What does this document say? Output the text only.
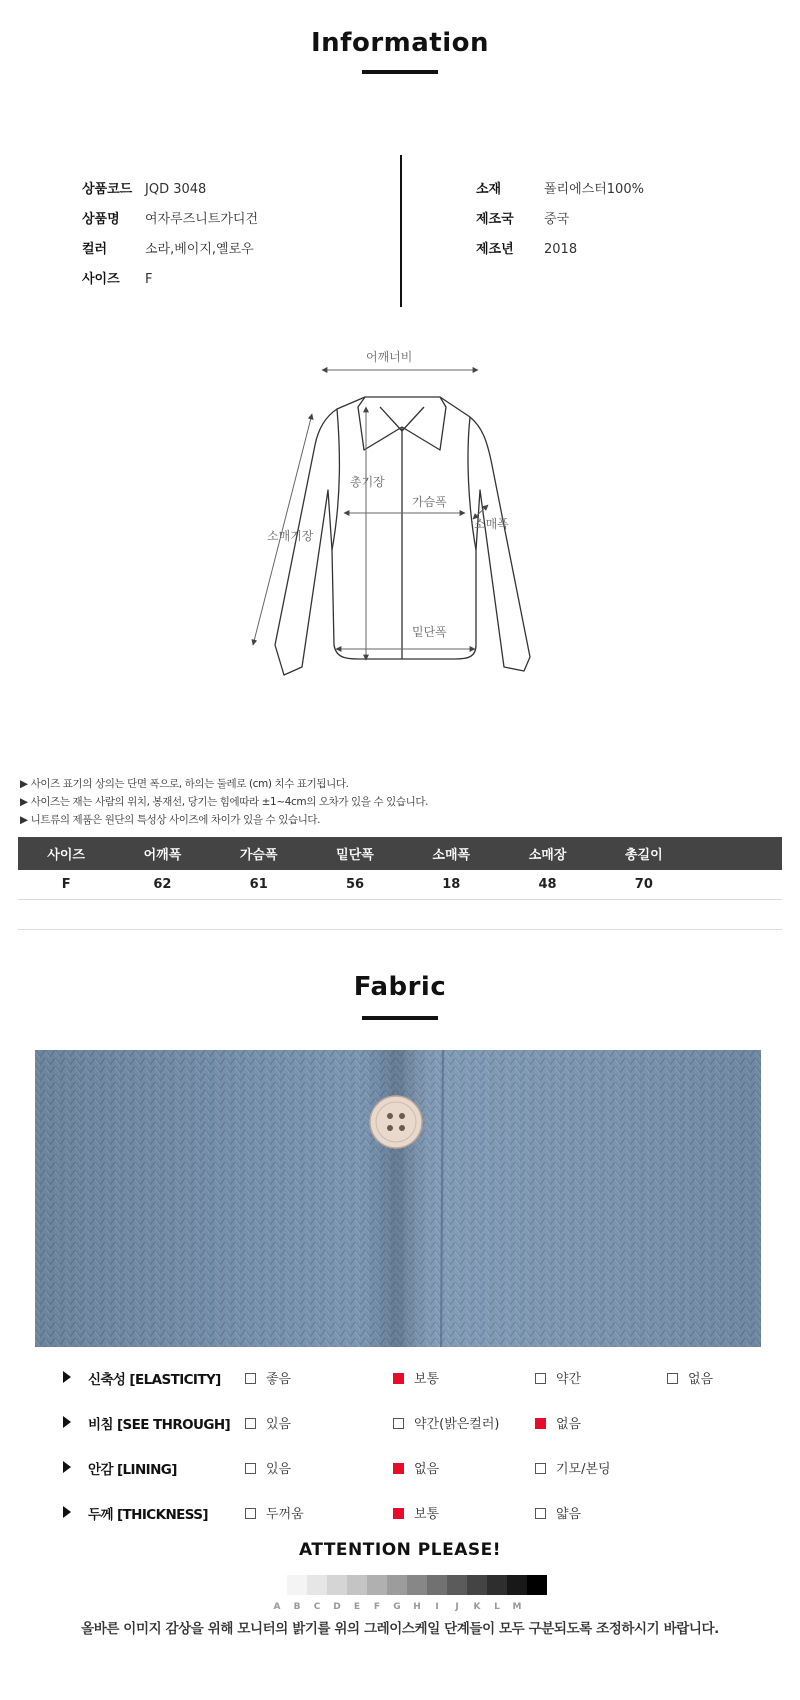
Information
상품코드 JQD 3048
상품명 여자루즈니트가디건
컬러	소라,베이지,옐로우
사이즈 F
소재	폴리에스터100%
제조국 중국
제조년 2018
어깨너비
총기장
가슴폭
소매폭
소매기장
밑단폭
▶ 사이즈 표기의 상의는 단면 폭으로, 하의는 둘레로 (cm) 치수 표기됩니다.
▶ 사이즈는 재는 사람의 위치, 봉재선, 당기는 힘에따라 ±1~4cm의 오차가 있을 수 있습니다.
▶ 니트류의 제품은 원단의 특성상 사이즈에 차이가 있을 수 있습니다.
사이즈	어깨폭	가슴폭	밑단폭	소매폭	소매장	총길이	
F	62	61	56	18	48	70	
Fabric
신축성 [ELASTICITY]	좋음	보통	약간	없음
비침 [SEE THROUGH]	있음	약간(밝은컬러)	없음
안감 [LINING]	있음	없음	기모/본딩
두께 [THICKNESS]	두꺼움	보통	얇음
ATTENTION PLEASE!
A	B	C	D	E	F	G	H	I	J	K	L	M
올바른 이미지 감상을 위해 모니터의 밝기를 위의 그레이스케일 단계들이 모두 구분되도록 조정하시기 바랍니다.
